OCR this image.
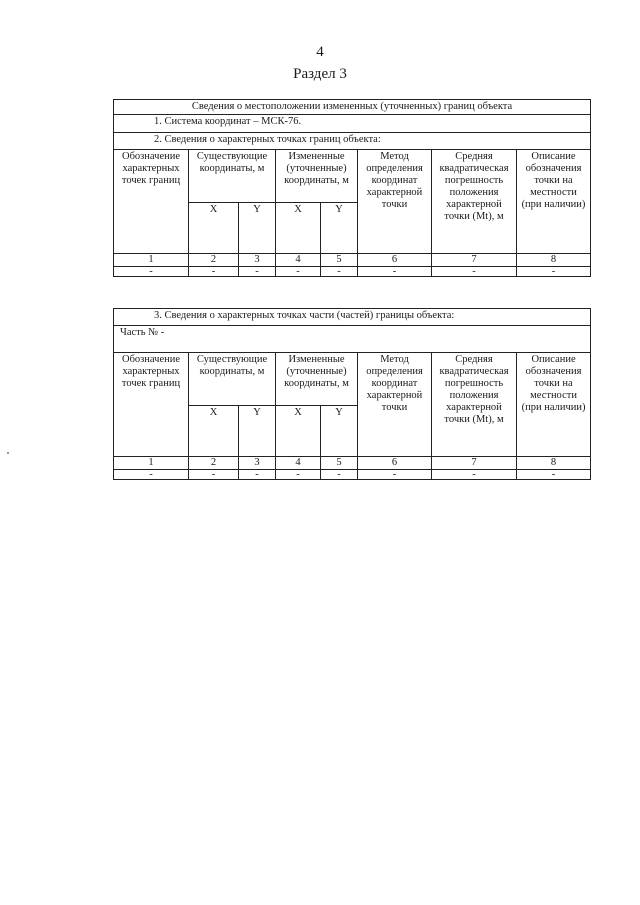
4
Раздел 3
Сведения о местоположении измененных (уточненных) границ объекта							
1. Система координат – МСК-76.							
2. Сведения о характерных точках границ объекта:							
Обозначение характерных точек границ	Существующие координаты, м		Измененные (уточненные) координаты, м		Метод определения координат характерной точки	Средняя квадратическая погрешность положения характерной точки (Mt), м	Описание обозначения точки на местности (при наличии)
	X	Y	X	Y			
1	2	3	4	5	6	7	8
-	-	-	-	-	-	-	-
3. Сведения о характерных точках части (частей) границы объекта:							
Часть № -							
Обозначение характерных точек границ	Существующие координаты, м		Измененные (уточненные) координаты, м		Метод определения координат характерной точки	Средняя квадратическая погрешность положения характерной точки (Mt), м	Описание обозначения точки на местности (при наличии)
	X	Y	X	Y			
1	2	3	4	5	6	7	8
-	-	-	-	-	-	-	-
